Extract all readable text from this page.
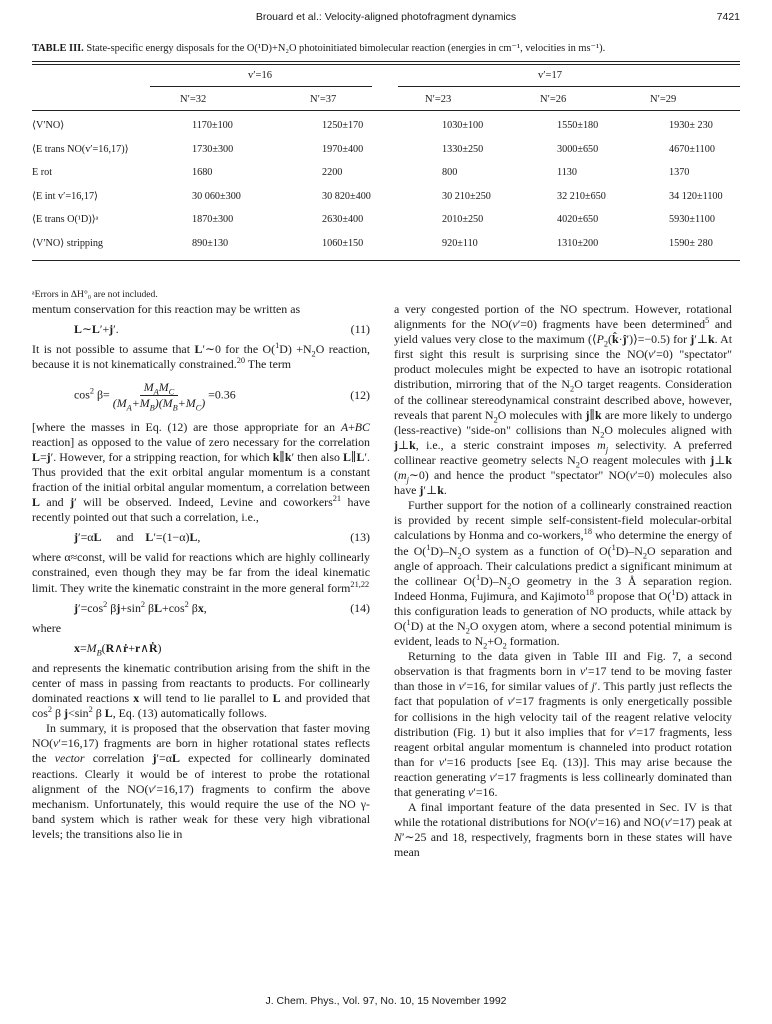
Brouard et al.: Velocity-aligned photofragment dynamics	7421
TABLE III. State-specific energy disposals for the O(¹D)+N₂O photoinitiated bimolecular reaction (energies in cm⁻¹, velocities in ms⁻¹).
v′=16	v′=17
N′=32	N′=37	N′=23	N′=26	N′=29
⟨V′NO⟩	1170±100	1250±170	1030±100	1550±180	1930± 230
⟨E trans NO(v′=16,17)⟩	1730±300	1970±400	1330±250	3000±650	4670±1100
E rot	1680	2200	800	1130	1370
⟨E int v′=16,17⟩	30 060±300	30 820±400	30 210±250	32 210±650	34 120±1100
⟨E trans O(¹D)⟩ᵃ	1870±300	2630±400	2010±250	4020±650	5930±1100
⟨V′NO⟩ stripping	890±130	1060±150	920±110	1310±200	1590± 280
ᵃErrors in ΔH°₀ are not included.

mentum conservation for this reaction may be written as

L∼L′+j′.	(11)

It is not possible to assume that L′∼0 for the $O(^1D) +N_2O$ reaction, because it is not kinematically constrained.$^{20}$ The term

$\cos^2 \beta= \frac{M_AM_C}{(M_A+M_B)(M_B+M_C)} =0.36$	(12)

[where the masses in Eq. (12) are those appropriate for an A+BC reaction] as opposed to the value of zero necessary for the correlation L=j′. However, for a stripping reaction, for which k∥k′ then also L∥L′. Thus provided that the exit orbital angular momentum is a constant fraction of the initial orbital angular momentum, a correlation between L and j′ will be observed. Indeed, Levine and coworkers$^{21}$ have recently pointed out that such a correlation, i.e.,

j′=αL     and    L′=(1−α)L,	(13)

where α≈const, will be valid for reactions which are highly collinearly constrained, even though they may be far from the ideal kinematic limit. They write the kinematic constraint in the more general form$^{21,22}$

$j'=\cos^2$ $\beta j+\sin^2$ $\beta L+\cos^2$ βx,	(14)

where

$x=M_B(R\wedge ṙ+r\wedge Ṙ)$

and represents the kinematic contribution arising from the shift in the center of mass in passing from reactants to products. For collinearly dominated reactions x will tend to lie parallel to L and provided that $\cos^2 \beta$ $j<\sin^2$ β L, Eq. (13) automatically follows.

In summary, it is proposed that the observation that faster moving NO(v′=16,17) fragments are born in higher rotational states reflects the vector correlation j′=αL expected for collinearly dominated reactions. Clearly it would be of interest to probe the rotational alignment of the NO(v′=16,17) fragments to confirm the above mechanism. Unfortunately, this would require the use of the NO γ-band system which is rather weak for these very high vibrational levels; the transitions also lie in

a very congested portion of the NO spectrum. However, rotational alignments for the NO(v′=0) fragments have been determined$^5$ and yield values very close to the maximum $(⟨P_2(k̂\cdot ĵ')⟩=-0.5)$ for j′⊥k. At first sight this result is surprising since the NO(v′=0) "spectator" product molecules might be expected to have an isotropic rotational distribution, mirroring that of the $N_2O$ target reagents. Consideration of the collinear stereodynamical constraint described above, however, reveals that parent $N_2O$ molecules with j∥k are more likely to undergo (less-reactive) "side-on" collisions than $N_2O$ molecules aligned with j⊥k, i.e., a steric constraint imposes $m_j$ selectivity. A preferred collinear reactive geometry selects $N_2O$ reagent molecules with j⊥k $(m_j\sim 0)$ and hence the product "spectator" NO(v′=0) molecules also have j′⊥k.

Further support for the notion of a collinearly constrained reaction is provided by recent simple self-consistent-field molecular-orbital calculations by Honma and co-workers,$^{18}$ who determine the energy of the $O(^1D)-N_2O$ system as a function of $O(^1D)-N_2O$ separation and angle of approach. Their calculations predict a significant minimum at the collinear $O(^1D)-N_2O$ geometry in the 3 Å separation region. Indeed Honma, Fujimura, and Kajimoto$^{18}$ propose that O($^1$D) attack in this configuration leads to generation of NO products, while attack by O($^1$D) at the $N_2O$ oxygen atom, where a second potential minimum is evident, leads to $N_2+O_2$ formation.

Returning to the data given in Table III and Fig. 7, a second observation is that fragments born in v′=17 tend to be moving faster than those in v′=16, for similar values of j′. This partly just reflects the fact that population of v′=17 fragments is only energetically possible for collisions in the high velocity tail of the reagent relative velocity distribution (Fig. 1) but it also implies that for v′=17 fragments, less reagent orbital angular momentum is channeled into product rotation than for v′=16 products [see Eq. (13)]. This may arise because the reaction generating v′=17 fragments is less collinearly dominated than that generating v′=16.

A final important feature of the data presented in Sec. IV is that while the rotational distributions for NO(v′=16) and NO(v′=17) peak at N′∼25 and 18, respectively, fragments born in these states will have mean

J. Chem. Phys., Vol. 97, No. 10, 15 November 1992
